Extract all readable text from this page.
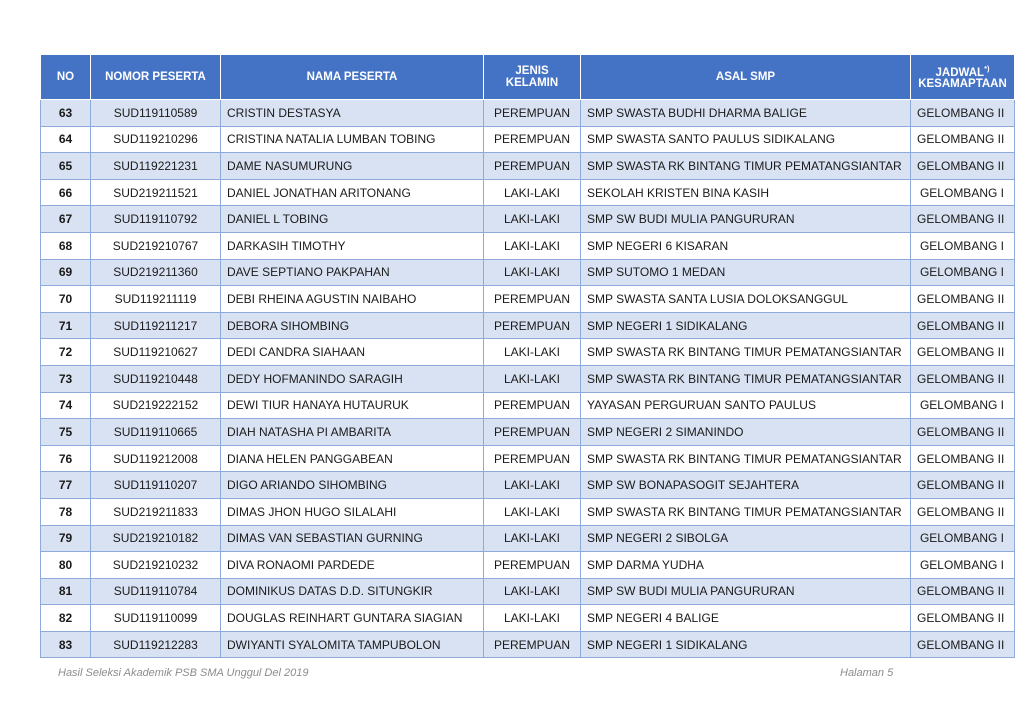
NO	NOMOR PESERTA	NAMA PESERTA	JENIS KELAMIN	ASAL SMP	JADWAL*)
KESAMAPTAAN
63	SUD119110589	CRISTIN DESTASYA	PEREMPUAN	SMP SWASTA BUDHI DHARMA BALIGE	GELOMBANG II
64	SUD119210296	CRISTINA NATALIA LUMBAN TOBING	PEREMPUAN	SMP SWASTA SANTO PAULUS SIDIKALANG	GELOMBANG II
65	SUD119221231	DAME NASUMURUNG	PEREMPUAN	SMP SWASTA RK BINTANG TIMUR PEMATANGSIANTAR	GELOMBANG II
66	SUD219211521	DANIEL JONATHAN ARITONANG	LAKI-LAKI	SEKOLAH KRISTEN BINA KASIH	GELOMBANG I
67	SUD119110792	DANIEL L TOBING	LAKI-LAKI	SMP SW BUDI MULIA PANGURURAN	GELOMBANG II
68	SUD219210767	DARKASIH TIMOTHY	LAKI-LAKI	SMP NEGERI 6 KISARAN	GELOMBANG I
69	SUD219211360	DAVE SEPTIANO PAKPAHAN	LAKI-LAKI	SMP SUTOMO 1 MEDAN	GELOMBANG I
70	SUD119211119	DEBI RHEINA AGUSTIN NAIBAHO	PEREMPUAN	SMP SWASTA SANTA LUSIA DOLOKSANGGUL	GELOMBANG II
71	SUD119211217	DEBORA SIHOMBING	PEREMPUAN	SMP NEGERI 1 SIDIKALANG	GELOMBANG II
72	SUD119210627	DEDI CANDRA SIAHAAN	LAKI-LAKI	SMP SWASTA RK BINTANG TIMUR PEMATANGSIANTAR	GELOMBANG II
73	SUD119210448	DEDY HOFMANINDO SARAGIH	LAKI-LAKI	SMP SWASTA RK BINTANG TIMUR PEMATANGSIANTAR	GELOMBANG II
74	SUD219222152	DEWI TIUR HANAYA HUTAURUK	PEREMPUAN	YAYASAN PERGURUAN SANTO PAULUS	GELOMBANG I
75	SUD119110665	DIAH NATASHA PI AMBARITA	PEREMPUAN	SMP NEGERI 2 SIMANINDO	GELOMBANG II
76	SUD119212008	DIANA HELEN PANGGABEAN	PEREMPUAN	SMP SWASTA RK BINTANG TIMUR PEMATANGSIANTAR	GELOMBANG II
77	SUD119110207	DIGO ARIANDO SIHOMBING	LAKI-LAKI	SMP SW BONAPASOGIT SEJAHTERA	GELOMBANG II
78	SUD219211833	DIMAS JHON HUGO SILALAHI	LAKI-LAKI	SMP SWASTA RK BINTANG TIMUR PEMATANGSIANTAR	GELOMBANG II
79	SUD219210182	DIMAS VAN SEBASTIAN GURNING	LAKI-LAKI	SMP NEGERI 2 SIBOLGA	GELOMBANG I
80	SUD219210232	DIVA RONAOMI PARDEDE	PEREMPUAN	SMP DARMA YUDHA	GELOMBANG I
81	SUD119110784	DOMINIKUS DATAS D.D. SITUNGKIR	LAKI-LAKI	SMP SW BUDI MULIA PANGURURAN	GELOMBANG II
82	SUD119110099	DOUGLAS REINHART GUNTARA SIAGIAN	LAKI-LAKI	SMP NEGERI 4 BALIGE	GELOMBANG II
83	SUD119212283	DWIYANTI SYALOMITA TAMPUBOLON	PEREMPUAN	SMP NEGERI 1 SIDIKALANG	GELOMBANG II
Hasil Seleksi Akademik PSB SMA Unggul Del 2019	Halaman 5
